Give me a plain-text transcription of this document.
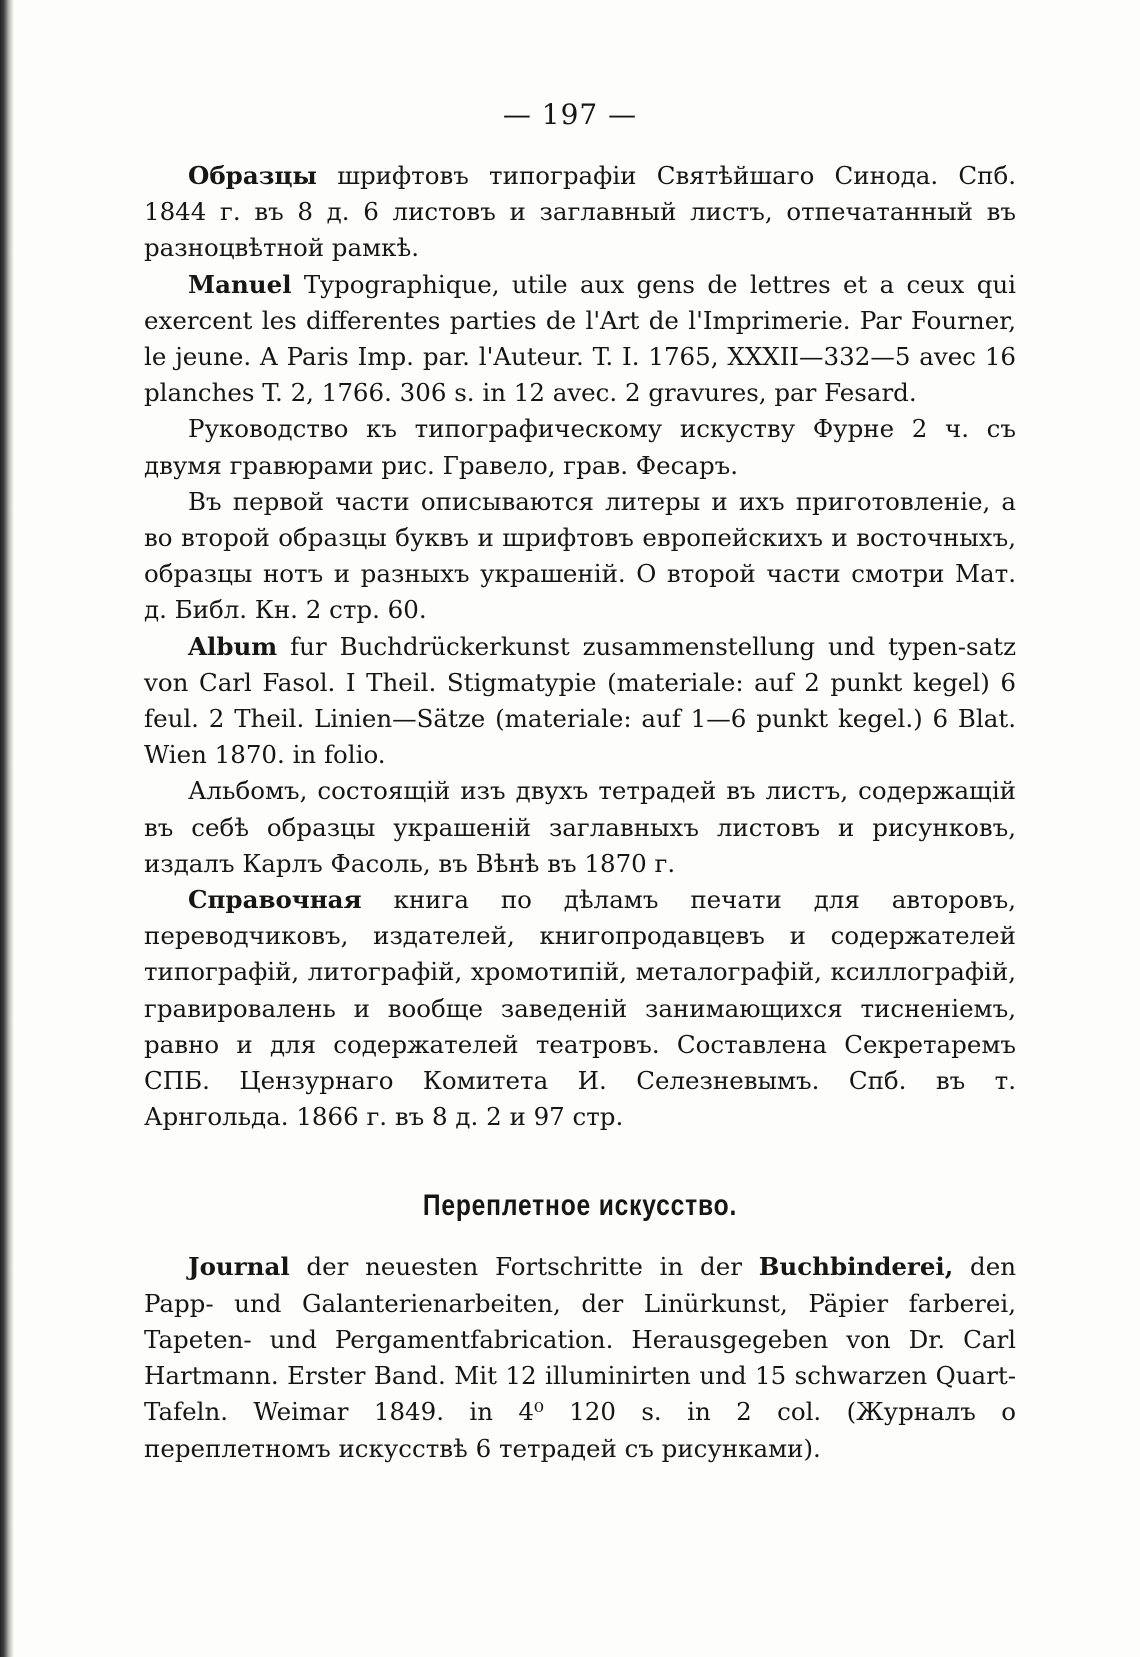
— 197 —

Образцы шрифтовъ типографіи Святѣйшаго Синода. Спб. 1844 г. въ 8 д. 6 листовъ и заглавный листъ, отпечатанный въ разноцвѣтной рамкѣ.

Manuel Typographique, utile aux gens de lettres et a ceux qui exercent les differentes parties de l'Art de l'Imprimerie. Par Fourner, le jeune. A Paris Imp. par. l'Auteur. T. I. 1765, XXXII—332—5 avec 16 planches T. 2, 1766. 306 s. in 12 avec. 2 gravures, par Fesard.

Руководство къ типографическому искуству Фурне 2 ч. съ двумя гравюрами рис. Гравело, грав. Фесаръ.

Въ первой части описываются литеры и ихъ приготовленіе, а во второй образцы буквъ и шрифтовъ европейскихъ и восточныхъ, образцы нотъ и разныхъ украшеній. О второй части смотри Мат. д. Библ. Кн. 2 стр. 60.

Album fur Buchdrückerkunst zusammenstellung und typen-satz von Carl Fasol. I Theil. Stigmatypie (materiale: auf 2 punkt kegel) 6 feul. 2 Theil. Linien—Sätze (materiale: auf 1—6 punkt kegel.) 6 Blat. Wien 1870. in folio.

Альбомъ, состоящій изъ двухъ тетрадей въ листъ, содержащій въ себѣ образцы украшеній заглавныхъ листовъ и рисунковъ, издалъ Карлъ Фасоль, въ Вѣнѣ въ 1870 г.

Справочная книга по дѣламъ печати для авторовъ, переводчиковъ, издателей, книгопродавцевъ и содержателей типографій, литографій, хромотипій, металографій, ксиллографій, гравировалень и вообще заведеній занимающихся тисненіемъ, равно и для содержателей театровъ. Составлена Секретаремъ СПБ. Цензурнаго Комитета И. Селезневымъ. Спб. въ т. Арнгольда. 1866 г. въ 8 д. 2 и 97 стр.

Переплетное искусство.

Journal der neuesten Fortschritte in der Buchbinderei, den Papp- und Galanterienarbeiten, der Linürkunst, Päpier farberei, Tapeten- und Pergamentfabrication. Herausgegeben von Dr. Carl Hartmann. Erster Band. Mit 12 illuminirten und 15 schwarzen Quart-Tafeln. Weimar 1849. in 4⁰ 120 s. in 2 col. (Журналъ о переплетномъ искусствѣ 6 тетрадей съ рисунками).
